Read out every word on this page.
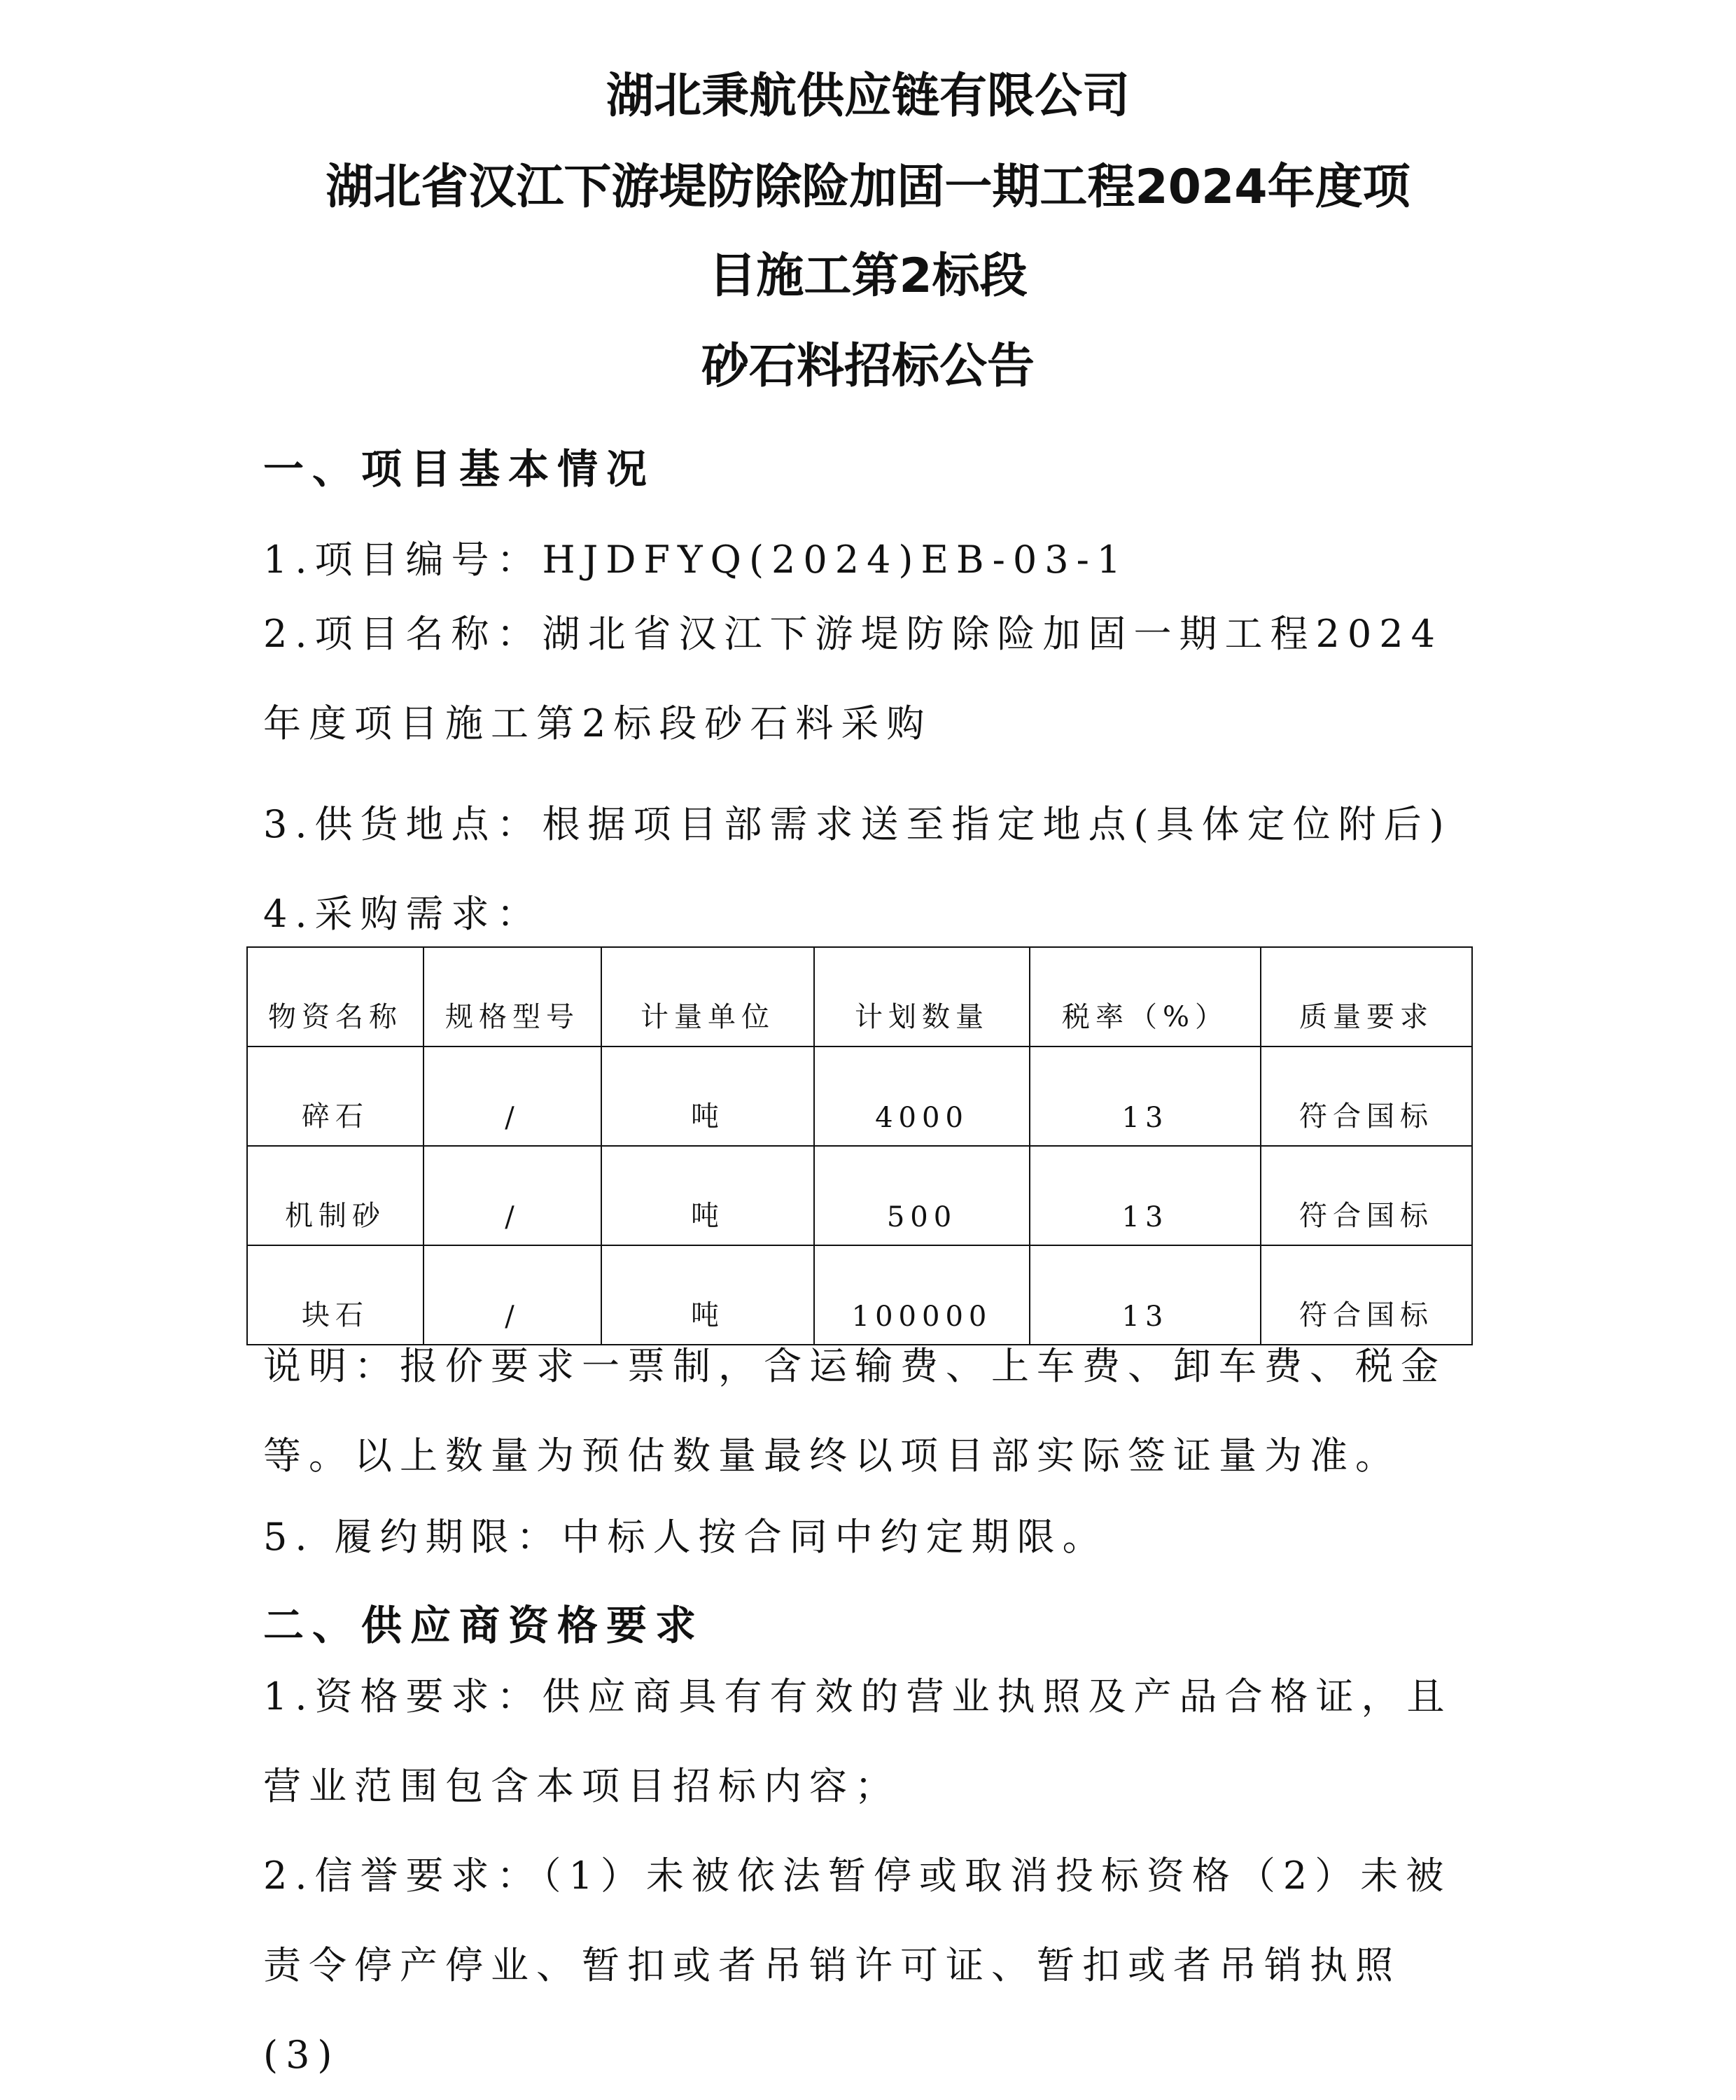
湖北秉航供应链有限公司
湖北省汉江下游堤防除险加固一期工程2024年度项
目施工第2标段
砂石料招标公告
一、项目基本情况
1.项目编号：HJDFYQ(2024)EB-03-1
2.项目名称：湖北省汉江下游堤防除险加固一期工程2024年度项目施工第2标段砂石料采购
3.供货地点：根据项目部需求送至指定地点(具体定位附后)
4.采购需求：
物资名称	规格型号	计量单位	计划数量	税率（%）	质量要求
碎石	/	吨	4000	13	符合国标
机制砂	/	吨	500	13	符合国标
块石	/	吨	100000	13	符合国标
说明：报价要求一票制，含运输费、上车费、卸车费、税金等。以上数量为预估数量最终以项目部实际签证量为准。
5. 履约期限：中标人按合同中约定期限。
二、供应商资格要求
1.资格要求：供应商具有有效的营业执照及产品合格证，且营业范围包含本项目招标内容；
2.信誉要求：（1）未被依法暂停或取消投标资格（2）未被责令停产停业、暂扣或者吊销许可证、暂扣或者吊销执照(3)
